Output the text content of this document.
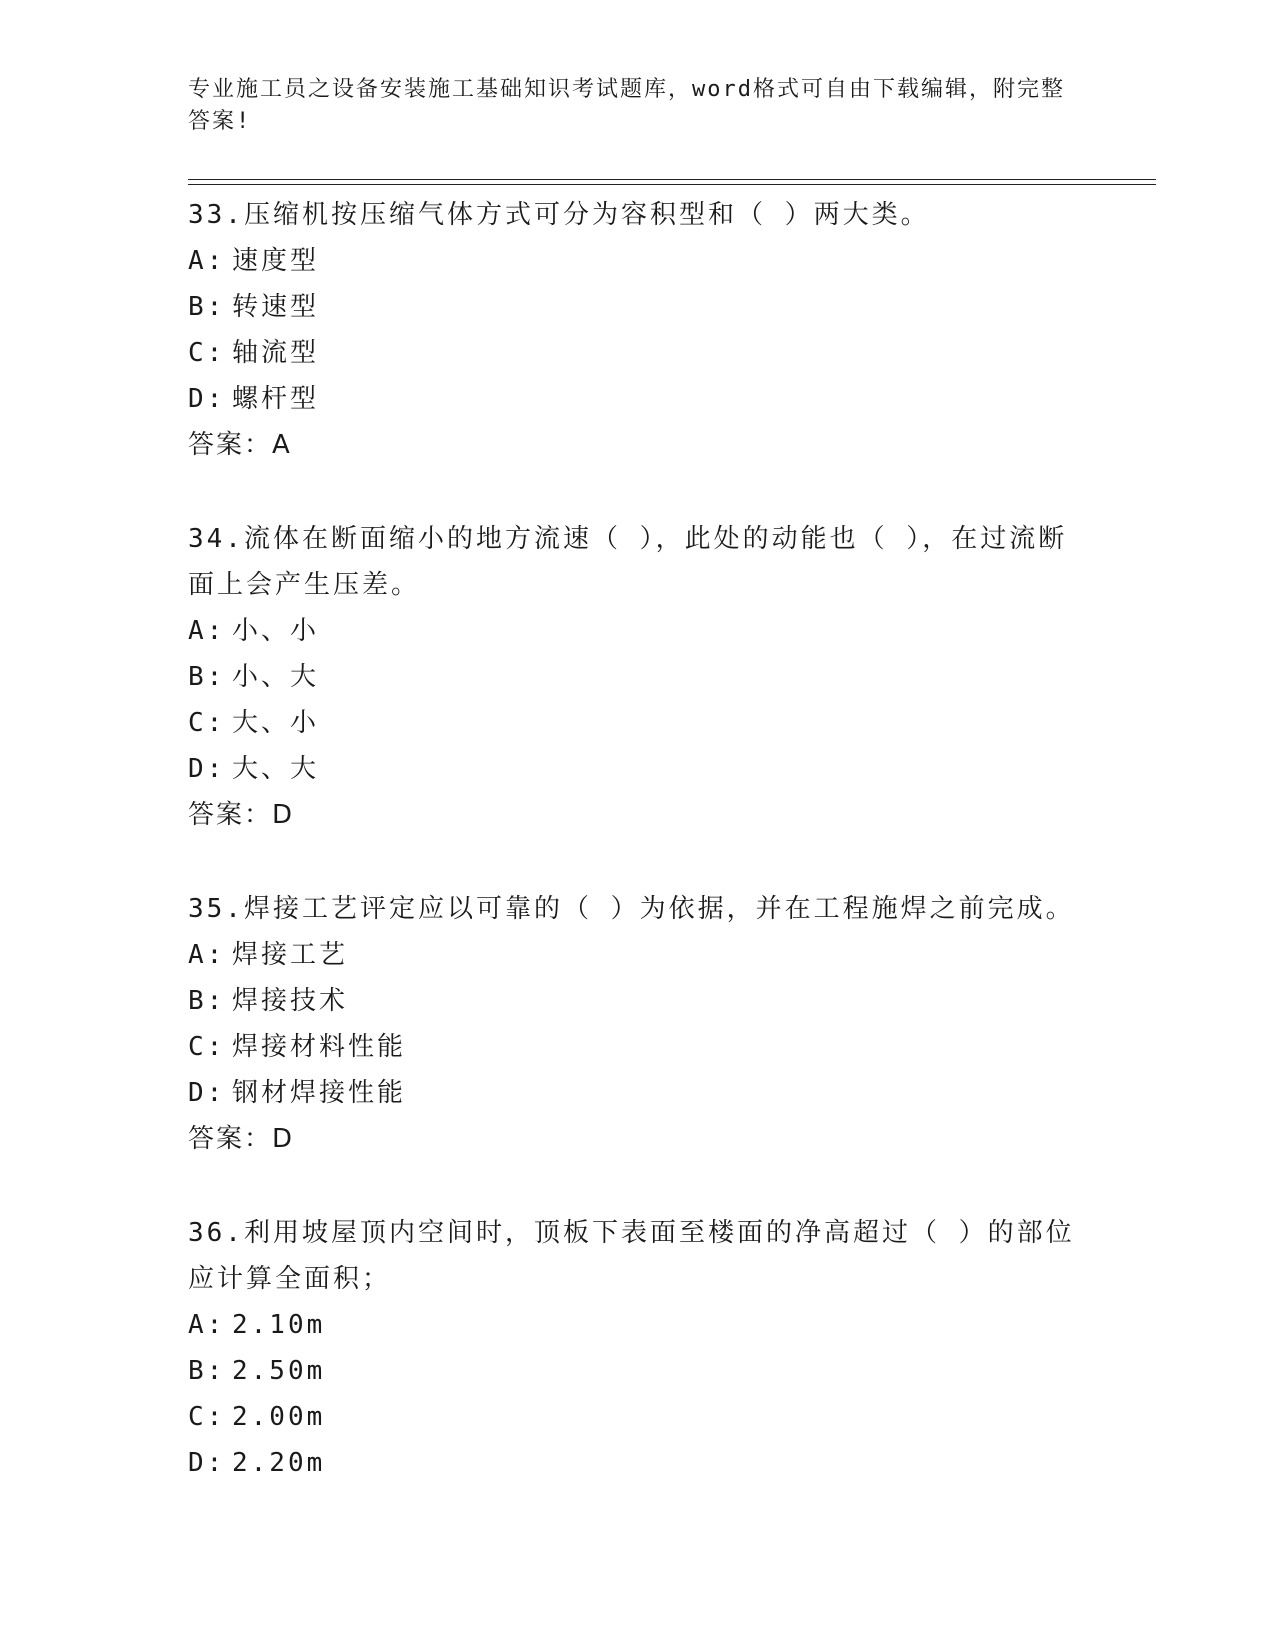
专业施工员之设备安装施工基础知识考试题库，word格式可自由下载编辑，附完整答案!

33.压缩机按压缩气体方式可分为容积型和（ ）两大类。

A: 速度型

B: 转速型

C: 轴流型

D: 螺杆型

答案：A

34.流体在断面缩小的地方流速（ ），此处的动能也（ ），在过流断面上会产生压差。

A: 小、小

B: 小、大

C: 大、小

D: 大、大

答案：D

35.焊接工艺评定应以可靠的（ ）为依据，并在工程施焊之前完成。

A: 焊接工艺

B: 焊接技术

C: 焊接材料性能

D: 钢材焊接性能

答案：D

36.利用坡屋顶内空间时，顶板下表面至楼面的净高超过（ ）的部位应计算全面积；

A: 2.10m

B: 2.50m

C: 2.00m

D: 2.20m
